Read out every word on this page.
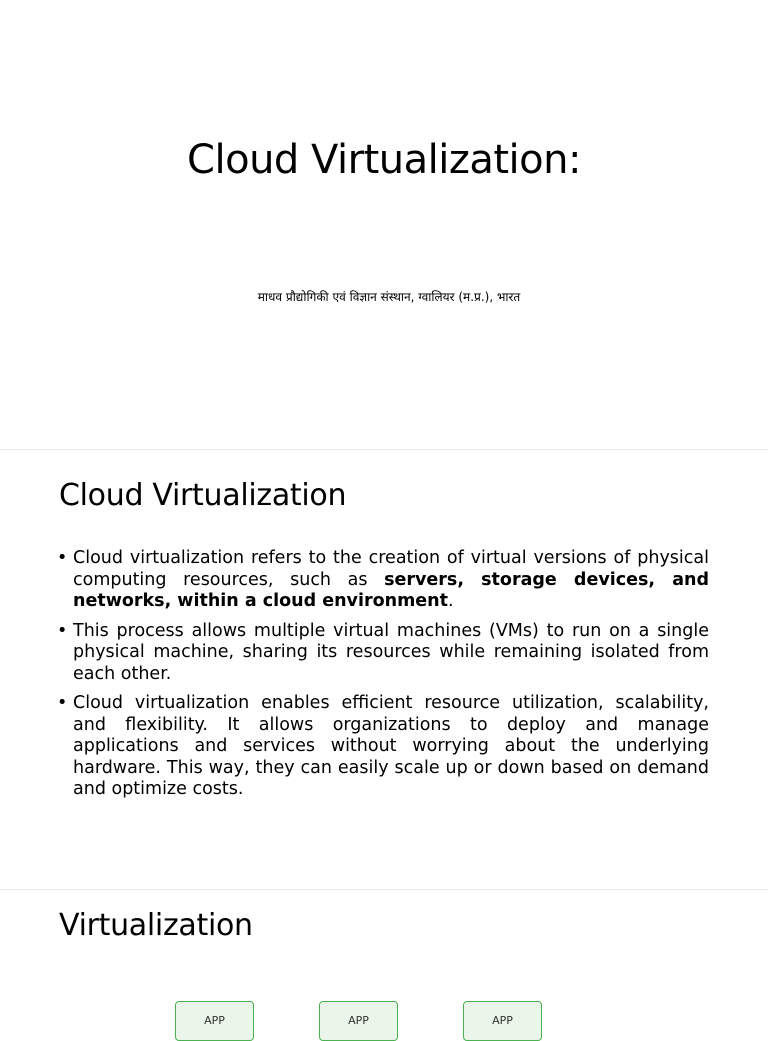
Cloud Virtualization:

माधव प्रौद्योगिकी एवं विज्ञान संस्थान, ग्वालियर (म.प्र.), भारत

Cloud Virtualization
• Cloud virtualization refers to the creation of virtual versions of physical computing resources, such as servers, storage devices, and networks, within a cloud environment.
• This process allows multiple virtual machines (VMs) to run on a single physical machine, sharing its resources while remaining isolated from each other.
• Cloud virtualization enables efficient resource utilization, scalability, and flexibility. It allows organizations to deploy and manage applications and services without worrying about the underlying hardware. This way, they can easily scale up or down based on demand and optimize costs.
Virtualization
APP	APP	APP
